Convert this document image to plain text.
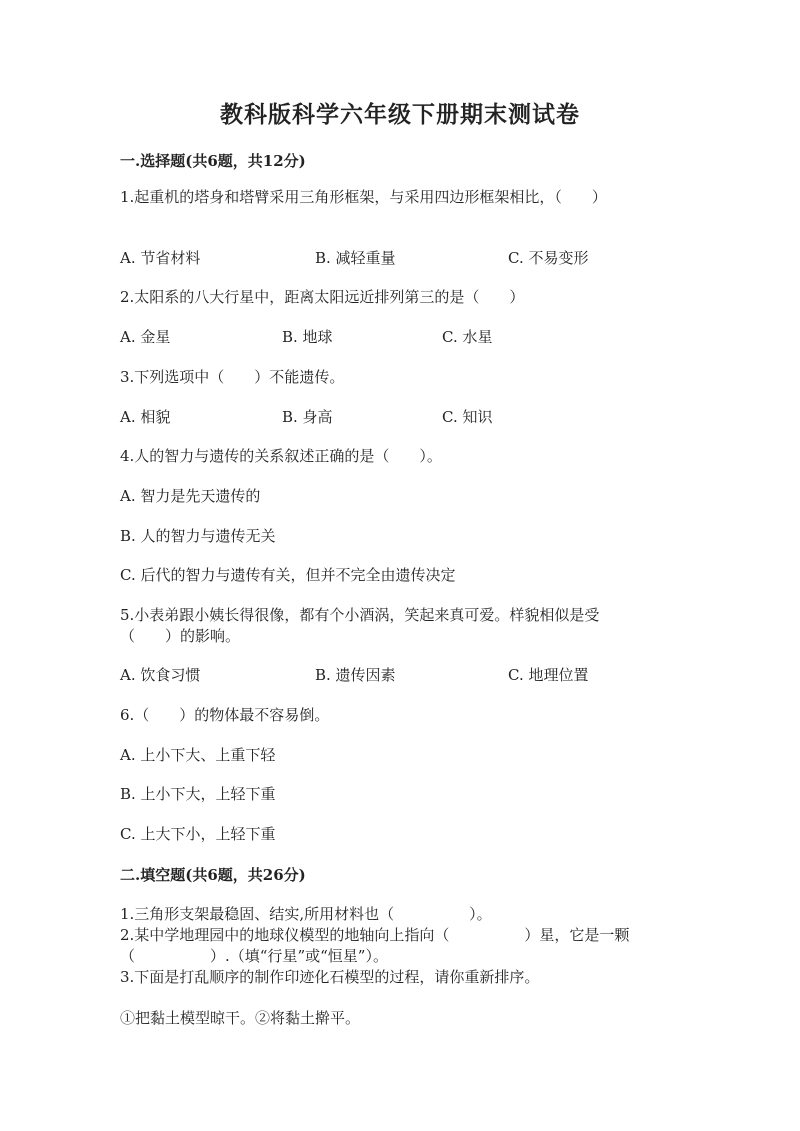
教科版科学六年级下册期末测试卷
一.选择题(共6题，共12分)
1.起重机的塔身和塔臂采用三角形框架，与采用四边形框架相比，（　　）
A. 节省材料	B. 减轻重量	C. 不易变形
2.太阳系的八大行星中，距离太阳远近排列第三的是（　　）
A. 金星	B. 地球	C. 水星
3.下列选项中（　　）不能遗传。
A. 相貌	B. 身高	C. 知识
4.人的智力与遗传的关系叙述正确的是（　　）。
A. 智力是先天遗传的
B. 人的智力与遗传无关
C. 后代的智力与遗传有关，但并不完全由遗传决定
5.小表弟跟小姨长得很像，都有个小酒涡，笑起来真可爱。样貌相似是受
（　　）的影响。
A. 饮食习惯	B. 遗传因素	C. 地理位置
6.（　　）的物体最不容易倒。
A. 上小下大、上重下轻
B. 上小下大，上轻下重
C. 上大下小，上轻下重
二.填空题(共6题，共26分)
1.三角形支架最稳固、结实,所用材料也（　　　　　）。
2.某中学地理园中的地球仪模型的地轴向上指向（　　　　　）星，它是一颗
（　　　　　）.（填“行星”或“恒星”）。
3.下面是打乱顺序的制作印迹化石模型的过程，请你重新排序。
①把黏土模型晾干。②将黏土擀平。
